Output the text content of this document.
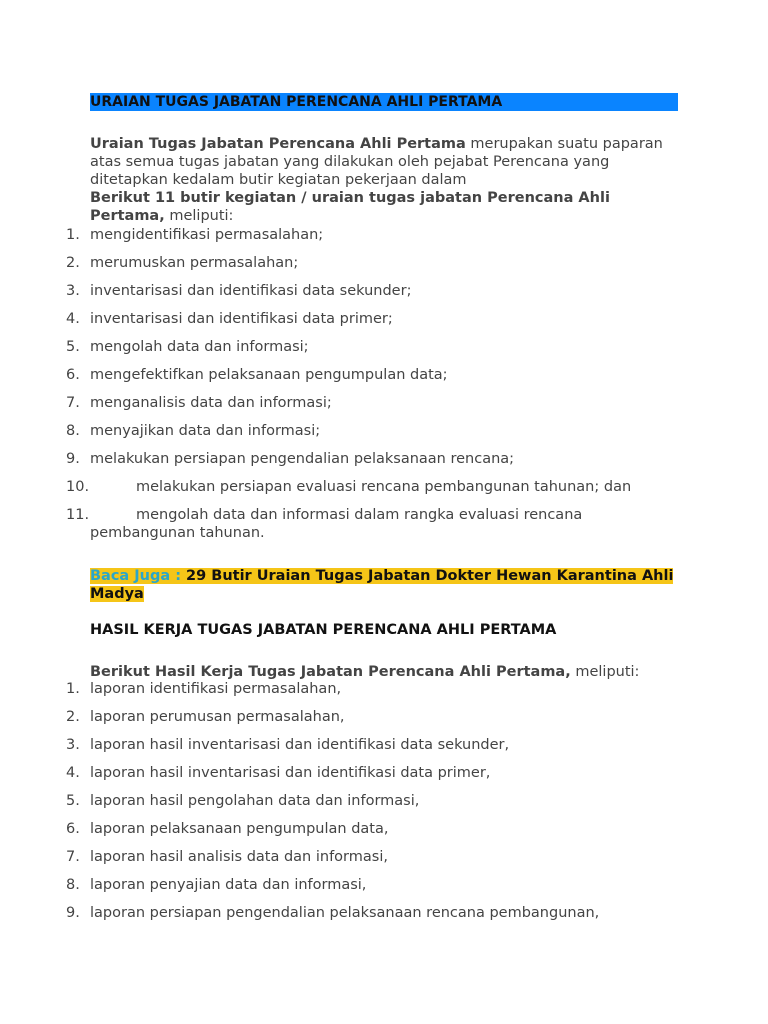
URAIAN TUGAS JABATAN PERENCANA AHLI PERTAMA
Uraian Tugas Jabatan Perencana Ahli Pertama merupakan suatu paparan atas semua tugas jabatan yang dilakukan oleh pejabat Perencana yang ditetapkan kedalam butir kegiatan pekerjaan dalam
Berikut 11 butir kegiatan / uraian tugas jabatan Perencana Ahli Pertama, meliputi:
1. mengidentifikasi permasalahan;
2. merumuskan permasalahan;
3. inventarisasi dan identifikasi data sekunder;
4. inventarisasi dan identifikasi data primer;
5. mengolah data dan informasi;
6. mengefektifkan pelaksanaan pengumpulan data;
7. menganalisis data dan informasi;
8. menyajikan data dan informasi;
9. melakukan persiapan pengendalian pelaksanaan rencana;
10.	melakukan persiapan evaluasi rencana pembangunan tahunan; dan
11.	mengolah data dan informasi dalam rangka evaluasi rencana
pembangunan tahunan.
Baca Juga : 29 Butir Uraian Tugas Jabatan Dokter Hewan Karantina Ahli Madya
HASIL KERJA TUGAS JABATAN PERENCANA AHLI PERTAMA
Berikut Hasil Kerja Tugas Jabatan Perencana Ahli Pertama, meliputi:
1. laporan identifikasi permasalahan,
2. laporan perumusan permasalahan,
3. laporan hasil inventarisasi dan identifikasi data sekunder,
4. laporan hasil inventarisasi dan identifikasi data primer,
5. laporan hasil pengolahan data dan informasi,
6. laporan pelaksanaan pengumpulan data,
7. laporan hasil analisis data dan informasi,
8. laporan penyajian data dan informasi,
9. laporan persiapan pengendalian pelaksanaan rencana pembangunan,
